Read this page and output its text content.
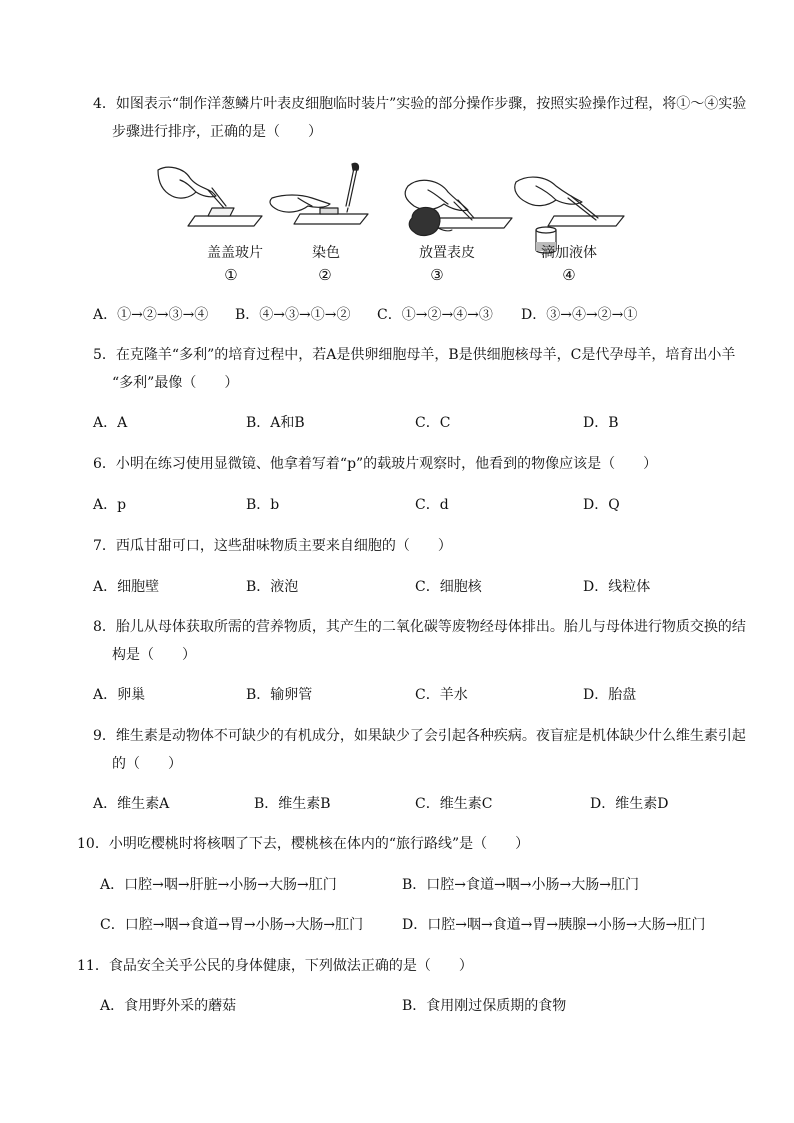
4．如图表示“制作洋葱鳞片叶表皮细胞临时装片”实验的部分操作步骤，按照实验操作过程，将①～④实验
步骤进行排序，正确的是（　　）
盖盖玻片	染色	放置表皮	滴加液体
①	②	③	④
A．①→②→③→④ B．④→③→①→② C．①→②→④→③ D．③→④→②→①
5．在克隆羊“多利”的培育过程中，若A是供卵细胞母羊，B是供细胞核母羊，C是代孕母羊，培育出小羊
“多利”最像（　　）
A．A	B．A和B	C．C	D．B
6．小明在练习使用显微镜、他拿着写着“p”的载玻片观察时，他看到的物像应该是（　　）
A．p	B．b	C．d	D．Q
7．西瓜甘甜可口，这些甜味物质主要来自细胞的（　　）
A．细胞壁	B．液泡	C．细胞核	D．线粒体
8．胎儿从母体获取所需的营养物质，其产生的二氧化碳等废物经母体排出。胎儿与母体进行物质交换的结
构是（　　）
A．卵巢	B．输卵管	C．羊水	D．胎盘
9．维生素是动物体不可缺少的有机成分，如果缺少了会引起各种疾病。夜盲症是机体缺少什么维生素引起
的（　　）
A．维生素A	B．维生素B	C．维生素C	D．维生素D
10．小明吃樱桃时将核咽了下去，樱桃核在体内的“旅行路线”是（　　）
A．口腔→咽→肝脏→小肠→大肠→肛门	B．口腔→食道→咽→小肠→大肠→肛门
C．口腔→咽→食道→胃→小肠→大肠→肛门	D．口腔→咽→食道→胃→胰腺→小肠→大肠→肛门
11．食品安全关乎公民的身体健康，下列做法正确的是（　　）
A．食用野外采的蘑菇	B．食用刚过保质期的食物
